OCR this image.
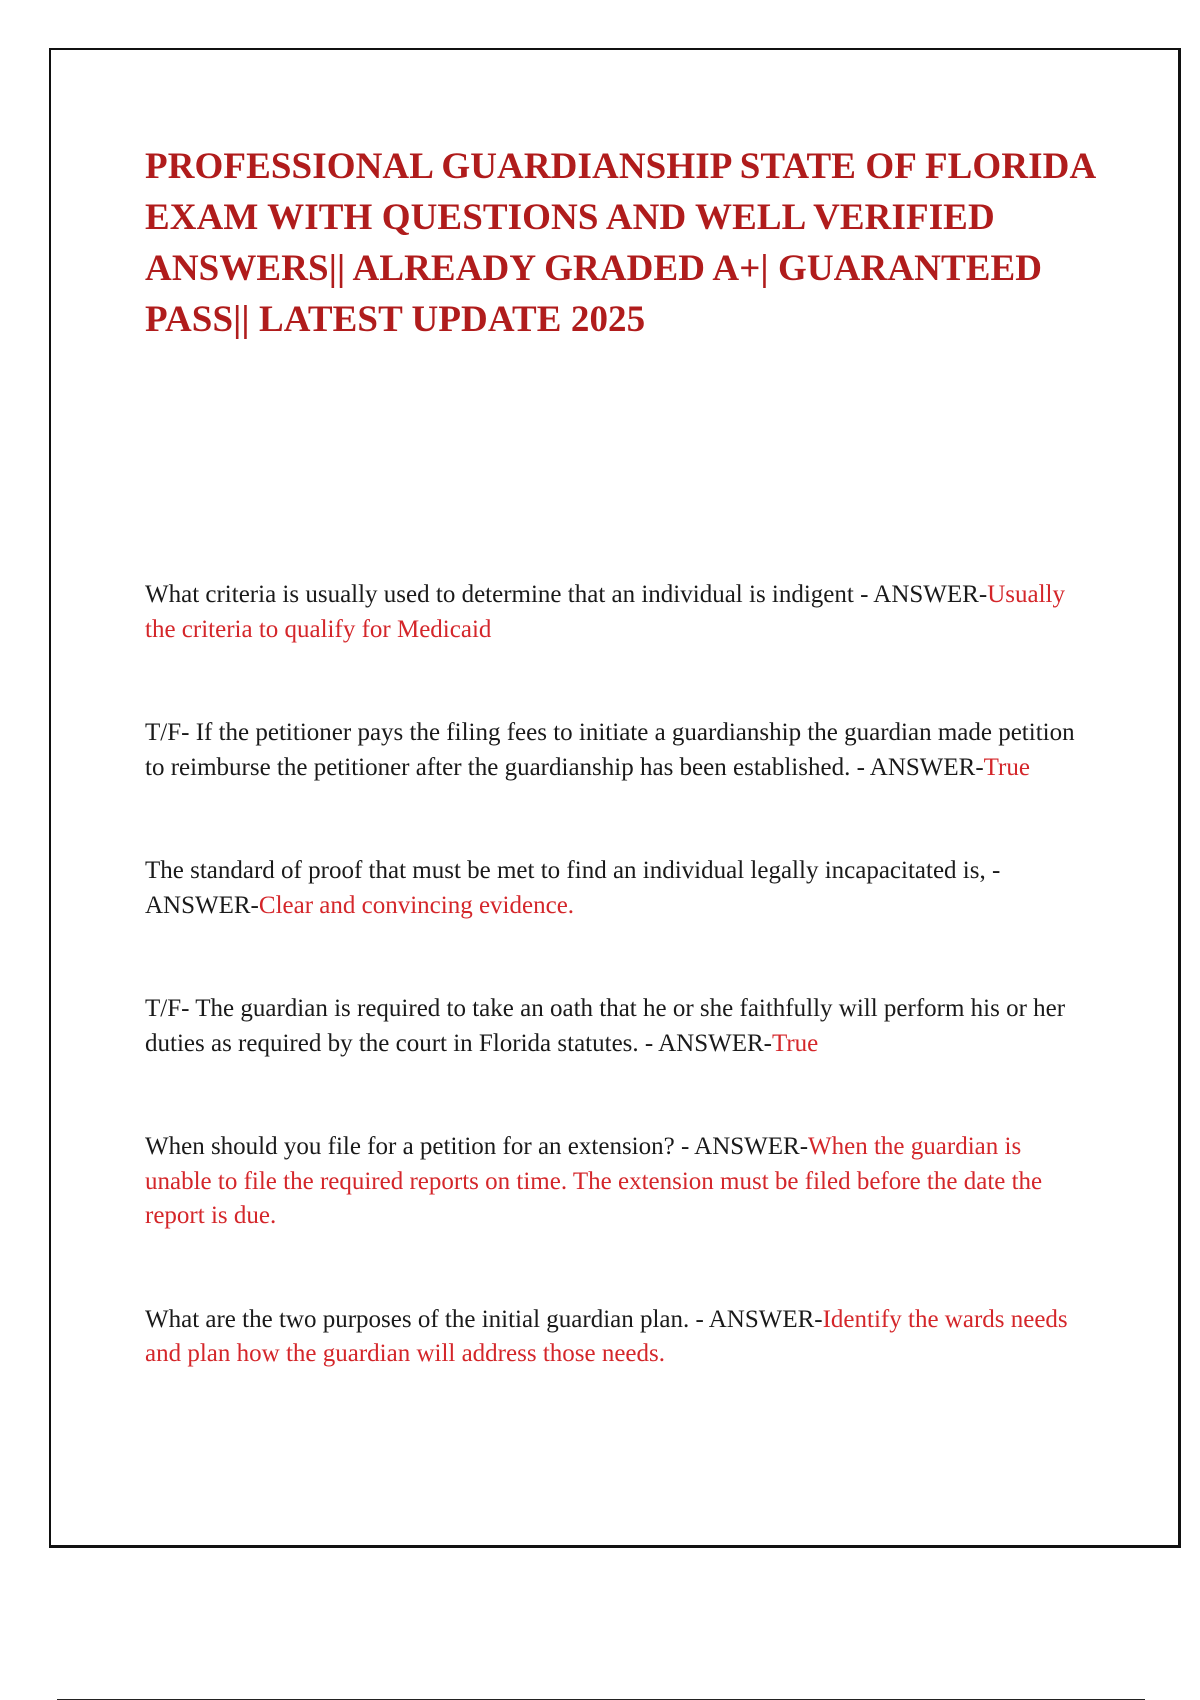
PROFESSIONAL GUARDIANSHIP STATE OF FLORIDA EXAM WITH QUESTIONS AND WELL VERIFIED ANSWERS|| ALREADY GRADED A+| GUARANTEED PASS|| LATEST UPDATE 2025

What criteria is usually used to determine that an individual is indigent - ANSWER-Usually the criteria to qualify for Medicaid

T/F- If the petitioner pays the filing fees to initiate a guardianship the guardian made petition to reimburse the petitioner after the guardianship has been established. - ANSWER-True

The standard of proof that must be met to find an individual legally incapacitated is, - ANSWER-Clear and convincing evidence.

T/F- The guardian is required to take an oath that he or she faithfully will perform his or her duties as required by the court in Florida statutes. - ANSWER-True

When should you file for a petition for an extension? - ANSWER-When the guardian is unable to file the required reports on time. The extension must be filed before the date the report is due.

What are the two purposes of the initial guardian plan. - ANSWER-Identify the wards needs and plan how the guardian will address those needs.
